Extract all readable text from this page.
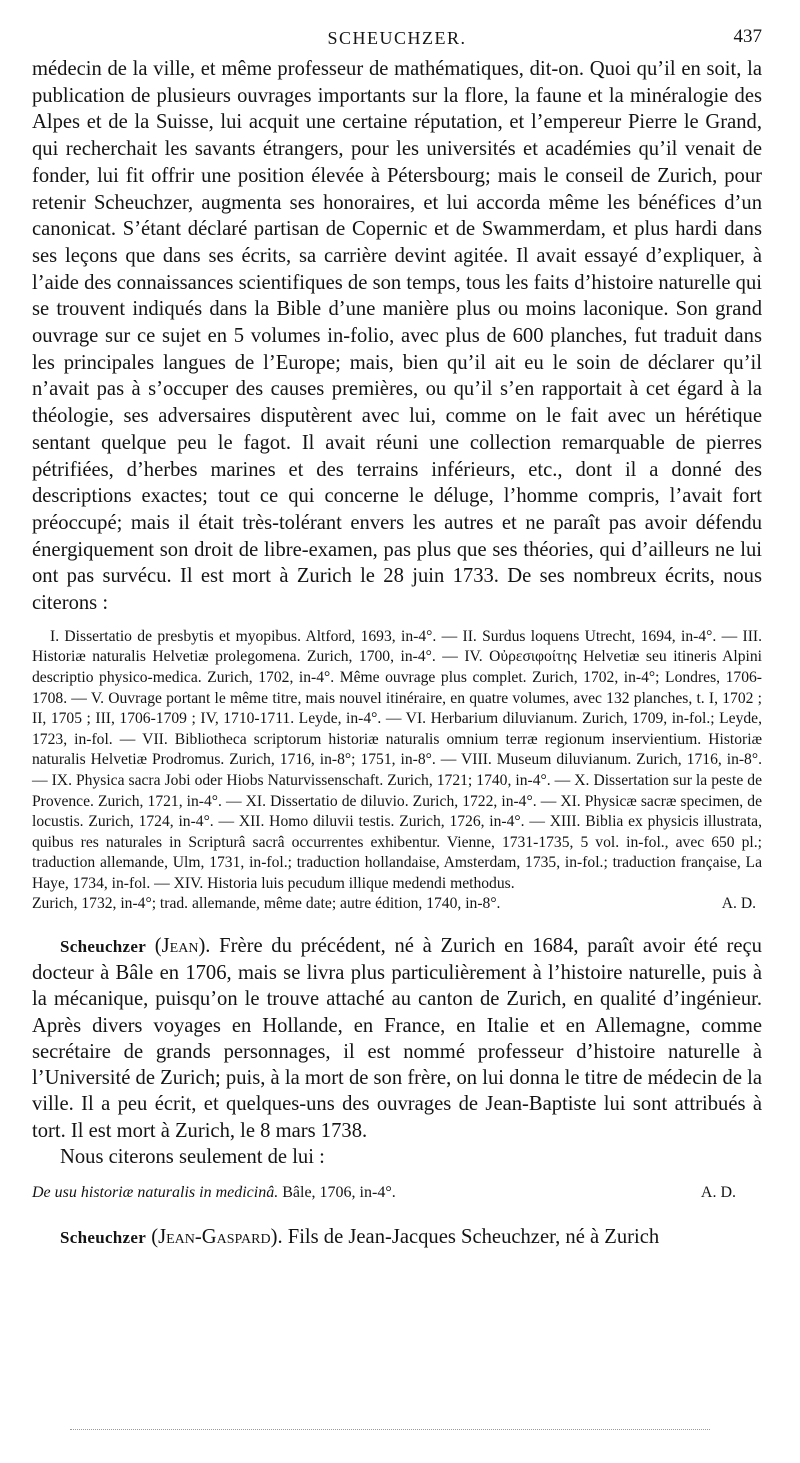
SCHEUCHZER.	437

médecin de la ville, et même professeur de mathématiques, dit-on. Quoi qu’il en soit, la publication de plusieurs ouvrages importants sur la flore, la faune et la minéralogie des Alpes et de la Suisse, lui acquit une certaine réputation, et l’empereur Pierre le Grand, qui recherchait les savants étrangers, pour les universités et académies qu’il venait de fonder, lui fit offrir une position élevée à Pétersbourg; mais le conseil de Zurich, pour retenir Scheuchzer, augmenta ses honoraires, et lui accorda même les bénéfices d’un canonicat. S’étant déclaré partisan de Copernic et de Swammerdam, et plus hardi dans ses leçons que dans ses écrits, sa carrière devint agitée. Il avait essayé d’expliquer, à l’aide des connaissances scientifiques de son temps, tous les faits d’histoire naturelle qui se trouvent indiqués dans la Bible d’une manière plus ou moins laconique. Son grand ouvrage sur ce sujet en 5 volumes in-folio, avec plus de 600 planches, fut traduit dans les principales langues de l’Europe; mais, bien qu’il ait eu le soin de déclarer qu’il n’avait pas à s’occuper des causes premières, ou qu’il s’en rapportait à cet égard à la théologie, ses adversaires disputèrent avec lui, comme on le fait avec un hérétique sentant quelque peu le fagot. Il avait réuni une collection remarquable de pierres pétrifiées, d’herbes marines et des terrains inférieurs, etc., dont il a donné des descriptions exactes; tout ce qui concerne le déluge, l’homme compris, l’avait fort préoccupé; mais il était très-tolérant envers les autres et ne paraît pas avoir défendu énergiquement son droit de libre-examen, pas plus que ses théories, qui d’ailleurs ne lui ont pas survécu. Il est mort à Zurich le 28 juin 1733. De ses nombreux écrits, nous citerons :

I. Dissertatio de presbytis et myopibus. Altford, 1693, in-4°. — II. Surdus loquens Utrecht, 1694, in-4°. — III. Historiæ naturalis Helvetiæ prolegomena. Zurich, 1700, in-4°. — IV. Οὐρεσιφοίτης Helvetiæ seu itineris Alpini descriptio physico-medica. Zurich, 1702, in-4°. Même ouvrage plus complet. Zurich, 1702, in-4°; Londres, 1706-1708. — V. Ouvrage portant le même titre, mais nouvel itinéraire, en quatre volumes, avec 132 planches, t. I, 1702 ; II, 1705 ; III, 1706-1709 ; IV, 1710-1711. Leyde, in-4°. — VI. Herbarium diluvianum. Zurich, 1709, in-fol.; Leyde, 1723, in-fol. — VII. Bibliotheca scriptorum historiæ naturalis omnium terræ regionum inservientium. Historiæ naturalis Helvetiæ Prodromus. Zurich, 1716, in-8°; 1751, in-8°. — VIII. Museum diluvianum. Zurich, 1716, in-8°. — IX. Physica sacra Jobi oder Hiobs Naturvissenschaft. Zurich, 1721; 1740, in-4°. — X. Dissertation sur la peste de Provence. Zurich, 1721, in-4°. — XI. Dissertatio de diluvio. Zurich, 1722, in-4°. — XI. Physicæ sacræ specimen, de locustis. Zurich, 1724, in-4°. — XII. Homo diluvii testis. Zurich, 1726, in-4°. — XIII. Biblia ex physicis illustrata, quibus res naturales in Scripturâ sacrâ occurrentes exhibentur. Vienne, 1731-1735, 5 vol. in-fol., avec 650 pl.; traduction allemande, Ulm, 1731, in-fol.; traduction hollandaise, Amsterdam, 1735, in-fol.; traduction française, La Haye, 1734, in-fol. — XIV. Historia luis pecudum illique medendi methodus.

Zurich, 1732, in-4°; trad. allemande, même date; autre édition, 1740, in-8°.	A. D.

Scheuchzer (Jean). Frère du précédent, né à Zurich en 1684, paraît avoir été reçu docteur à Bâle en 1706, mais se livra plus particulièrement à l’histoire naturelle, puis à la mécanique, puisqu’on le trouve attaché au canton de Zurich, en qualité d’ingénieur. Après divers voyages en Hollande, en France, en Italie et en Allemagne, comme secrétaire de grands personnages, il est nommé professeur d’histoire naturelle à l’Université de Zurich; puis, à la mort de son frère, on lui donna le titre de médecin de la ville. Il a peu écrit, et quelques-uns des ouvrages de Jean-Baptiste lui sont attribués à tort. Il est mort à Zurich, le 8 mars 1738.

Nous citerons seulement de lui :

De usu historiæ naturalis in medicinâ. Bâle, 1706, in-4°.	A. D.
Scheuchzer (Jean-Gaspard). Fils de Jean-Jacques Scheuchzer, né à Zurich
